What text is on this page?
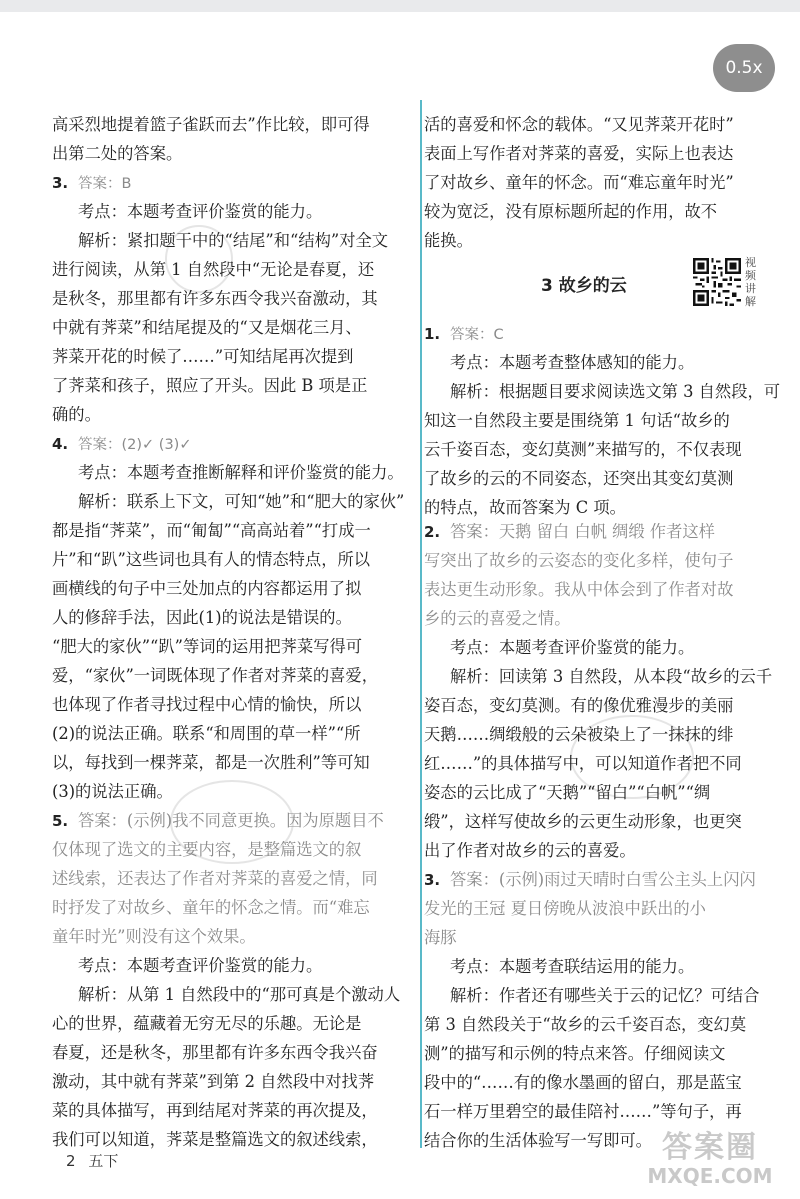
0.5x
高采烈地提着篮子雀跃而去”作比较，即可得
出第二处的答案。
3. 答案：B
考点：本题考查评价鉴赏的能力。
解析：紧扣题干中的“结尾”和“结构”对全文
进行阅读，从第 1 自然段中“无论是春夏，还
是秋冬，那里都有许多东西令我兴奋激动，其
中就有荠菜”和结尾提及的“又是烟花三月、
荠菜开花的时候了……”可知结尾再次提到
了荠菜和孩子，照应了开头。因此 B 项是正
确的。
4. 答案：(2)✓ (3)✓
考点：本题考查推断解释和评价鉴赏的能力。
解析：联系上下文，可知“她”和“肥大的家伙”
都是指“荠菜”，而“匍匐”“高高站着”“打成一
片”和“趴”这些词也具有人的情态特点，所以
画横线的句子中三处加点的内容都运用了拟
人的修辞手法，因此(1)的说法是错误的。
“肥大的家伙”“趴”等词的运用把荠菜写得可
爱，“家伙”一词既体现了作者对荠菜的喜爱，
也体现了作者寻找过程中心情的愉快，所以
(2)的说法正确。联系“和周围的草一样”“所
以，每找到一棵荠菜，都是一次胜利”等可知
(3)的说法正确。
5. 答案：(示例)我不同意更换。因为原题目不
仅体现了选文的主要内容，是整篇选文的叙
述线索，还表达了作者对荠菜的喜爱之情，同
时抒发了对故乡、童年的怀念之情。而“难忘
童年时光”则没有这个效果。
考点：本题考查评价鉴赏的能力。
解析：从第 1 自然段中的“那可真是个激动人
心的世界，蕴藏着无穷无尽的乐趣。无论是
春夏，还是秋冬，那里都有许多东西令我兴奋
激动，其中就有荠菜”到第 2 自然段中对找荠
菜的具体描写，再到结尾对荠菜的再次提及，
我们可以知道，荠菜是整篇选文的叙述线索，
活的喜爱和怀念的载体。“又见荠菜开花时”
表面上写作者对荠菜的喜爱，实际上也表达
了对故乡、童年的怀念。而“难忘童年时光”
较为宽泛，没有原标题所起的作用，故不
能换。
1. 答案：C
考点：本题考查整体感知的能力。
解析：根据题目要求阅读选文第 3 自然段，可
知这一自然段主要是围绕第 1 句话“故乡的
云千姿百态，变幻莫测”来描写的，不仅表现
了故乡的云的不同姿态，还突出其变幻莫测
的特点，故而答案为 C 项。
2. 答案：天鹅 留白 白帆 绸缎 作者这样
写突出了故乡的云姿态的变化多样，使句子
表达更生动形象。我从中体会到了作者对故
乡的云的喜爱之情。
考点：本题考查评价鉴赏的能力。
解析：回读第 3 自然段，从本段“故乡的云千
姿百态，变幻莫测。有的像优雅漫步的美丽
天鹅……绸缎般的云朵被染上了一抹抹的绯
红……”的具体描写中，可以知道作者把不同
姿态的云比成了“天鹅”“留白”“白帆”“绸
缎”，这样写使故乡的云更生动形象，也更突
出了作者对故乡的云的喜爱。
3. 答案：(示例)雨过天晴时白雪公主头上闪闪
发光的王冠 夏日傍晚从波浪中跃出的小
海豚
考点：本题考查联结运用的能力。
解析：作者还有哪些关于云的记忆？可结合
第 3 自然段关于“故乡的云千姿百态，变幻莫
测”的描写和示例的特点来答。仔细阅读文
段中的“……有的像水墨画的留白，那是蓝宝
石一样万里碧空的最佳陪衬……”等句子，再
结合你的生活体验写一写即可。
3 故乡的云
视频讲解
2 五下	答案圈
MXQE.COM
